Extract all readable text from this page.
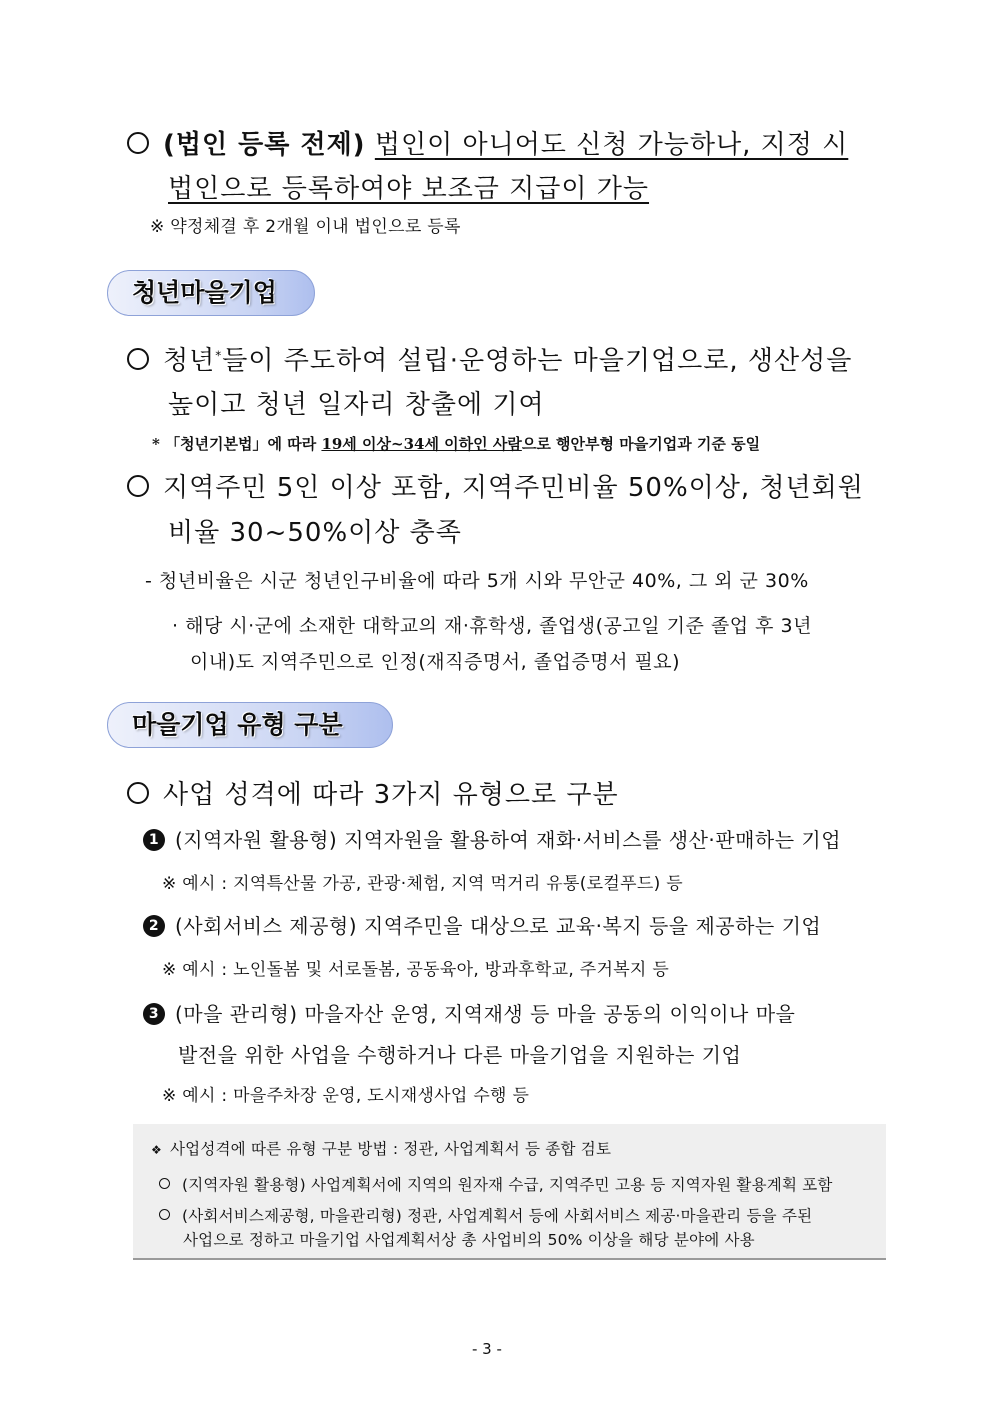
(법인 등록 전제) 법인이 아니어도 신청 가능하나, 지정 시
법인으로 등록하여야 보조금 지급이 가능
※ 약정체결 후 2개월 이내 법인으로 등록
청년마을기업
청년*들이 주도하여 설립·운영하는 마을기업으로, 생산성을
높이고 청년 일자리 창출에 기여
* 「청년기본법」에 따라 19세 이상~34세 이하인 사람으로 행안부형 마을기업과 기준 동일
지역주민 5인 이상 포함, 지역주민비율 50%이상, 청년회원
비율 30~50%이상 충족
- 청년비율은 시군 청년인구비율에 따라 5개 시와 무안군 40%, 그 외 군 30%
· 해당 시·군에 소재한 대학교의 재·휴학생, 졸업생(공고일 기준 졸업 후 3년
이내)도 지역주민으로 인정(재직증명서, 졸업증명서 필요)
마을기업 유형 구분
사업 성격에 따라 3가지 유형으로 구분
1 (지역자원 활용형) 지역자원을 활용하여 재화·서비스를 생산·판매하는 기업
※ 예시 : 지역특산물 가공, 관광·체험, 지역 먹거리 유통(로컬푸드) 등
2 (사회서비스 제공형) 지역주민을 대상으로 교육·복지 등을 제공하는 기업
※ 예시 : 노인돌봄 및 서로돌봄, 공동육아, 방과후학교, 주거복지 등
3 (마을 관리형) 마을자산 운영, 지역재생 등 마을 공동의 이익이나 마을
발전을 위한 사업을 수행하거나 다른 마을기업을 지원하는 기업
※ 예시 : 마을주차장 운영, 도시재생사업 수행 등
❖ 사업성격에 따른 유형 구분 방법 : 정관, 사업계획서 등 종합 검토
(지역자원 활용형) 사업계획서에 지역의 원자재 수급, 지역주민 고용 등 지역자원 활용계획 포함
(사회서비스제공형, 마을관리형) 정관, 사업계획서 등에 사회서비스 제공·마을관리 등을 주된
사업으로 정하고 마을기업 사업계획서상 총 사업비의 50% 이상을 해당 분야에 사용
- 3 -
